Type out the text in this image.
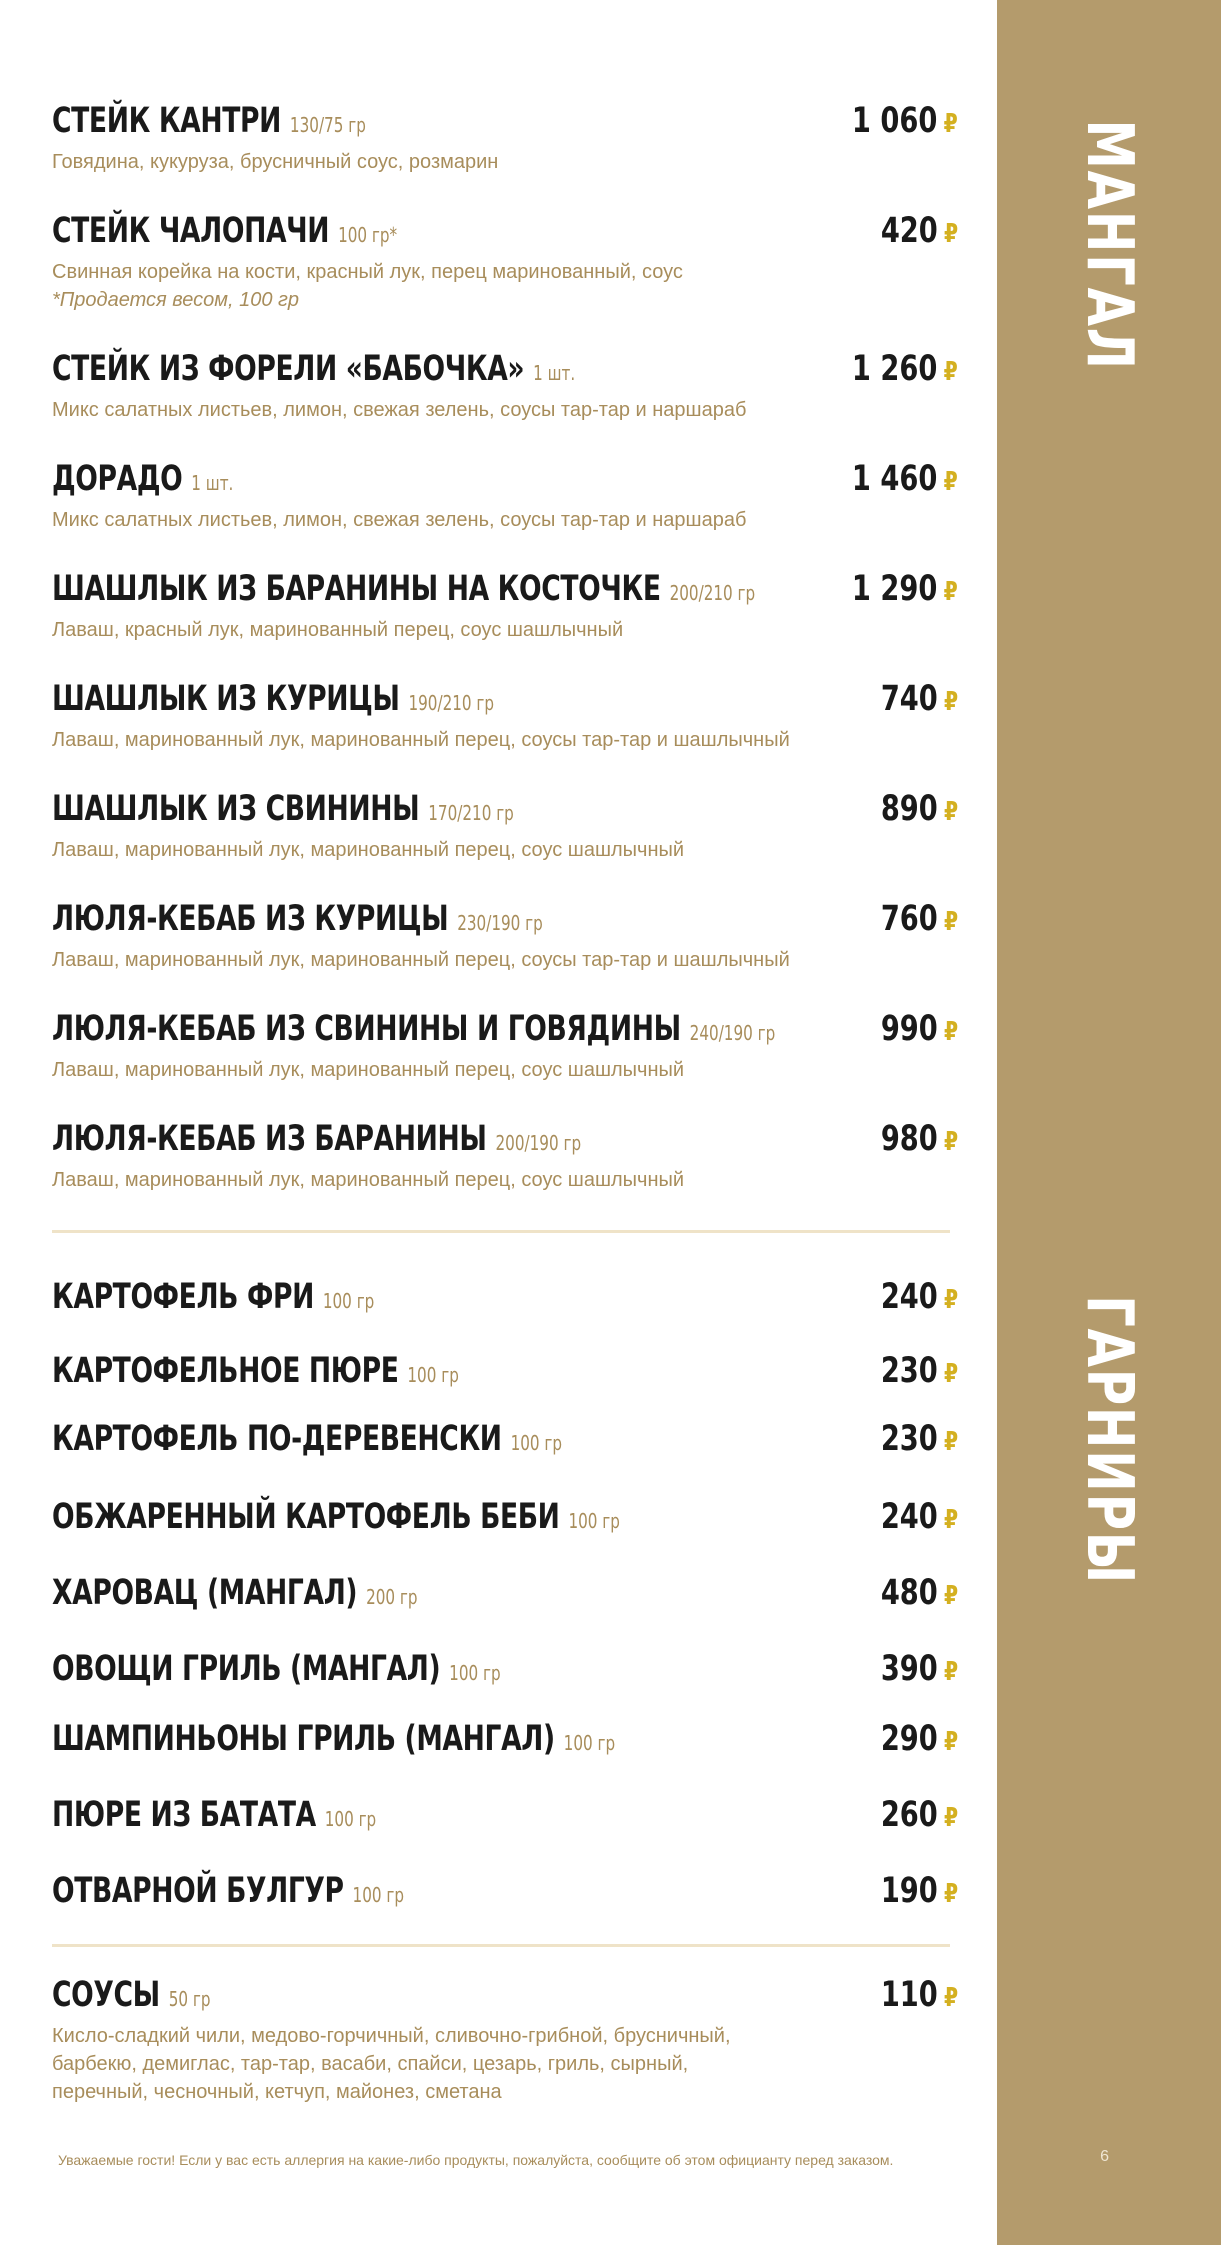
МАНГАЛ
ГАРНИРЫ
6
СТЕЙК КАНТРИ 130/75 гр	1 060 ₽
Говядина, кукуруза, брусничный соус, розмарин
СТЕЙК ЧАЛОПАЧИ 100 гр*	420 ₽
Свинная корейка на кости, красный лук, перец маринованный, соус
*Продается весом, 100 гр
СТЕЙК ИЗ ФОРЕЛИ «БАБОЧКА» 1 шт.	1 260 ₽
Микс салатных листьев, лимон, свежая зелень, соусы тар-тар и наршараб
ДОРАДО 1 шт.	1 460 ₽
Микс салатных листьев, лимон, свежая зелень, соусы тар-тар и наршараб
ШАШЛЫК ИЗ БАРАНИНЫ НА КОСТОЧКЕ 200/210 гр	1 290 ₽
Лаваш, красный лук, маринованный перец, соус шашлычный
ШАШЛЫК ИЗ КУРИЦЫ 190/210 гр	740 ₽
Лаваш, маринованный лук, маринованный перец, соусы тар-тар и шашлычный
ШАШЛЫК ИЗ СВИНИНЫ 170/210 гр	890 ₽
Лаваш, маринованный лук, маринованный перец, соус шашлычный
ЛЮЛЯ-КЕБАБ ИЗ КУРИЦЫ 230/190 гр	760 ₽
Лаваш, маринованный лук, маринованный перец, соусы тар-тар и шашлычный
ЛЮЛЯ-КЕБАБ ИЗ СВИНИНЫ И ГОВЯДИНЫ 240/190 гр	990 ₽
Лаваш, маринованный лук, маринованный перец, соус шашлычный
ЛЮЛЯ-КЕБАБ ИЗ БАРАНИНЫ 200/190 гр	980 ₽
Лаваш, маринованный лук, маринованный перец, соус шашлычный
КАРТОФЕЛЬ ФРИ 100 гр	240 ₽
КАРТОФЕЛЬНОЕ ПЮРЕ 100 гр	230 ₽
КАРТОФЕЛЬ ПО-ДЕРЕВЕНСКИ 100 гр	230 ₽
ОБЖАРЕННЫЙ КАРТОФЕЛЬ БЕБИ 100 гр	240 ₽
ХАРОВАЦ (МАНГАЛ) 200 гр	480 ₽
ОВОЩИ ГРИЛЬ (МАНГАЛ) 100 гр	390 ₽
ШАМПИНЬОНЫ ГРИЛЬ (МАНГАЛ) 100 гр	290 ₽
ПЮРЕ ИЗ БАТАТА 100 гр	260 ₽
ОТВАРНОЙ БУЛГУР 100 гр	190 ₽
СОУСЫ 50 гр	110 ₽
Кисло-сладкий чили, медово-горчичный, сливочно-грибной, брусничный,
барбекю, демиглас, тар-тар, васаби, спайси, цезарь, гриль, сырный,
перечный, чесночный, кетчуп, майонез, сметана
Уважаемые гости! Если у вас есть аллергия на какие-либо продукты, пожалуйста, сообщите об этом официанту перед заказом.
